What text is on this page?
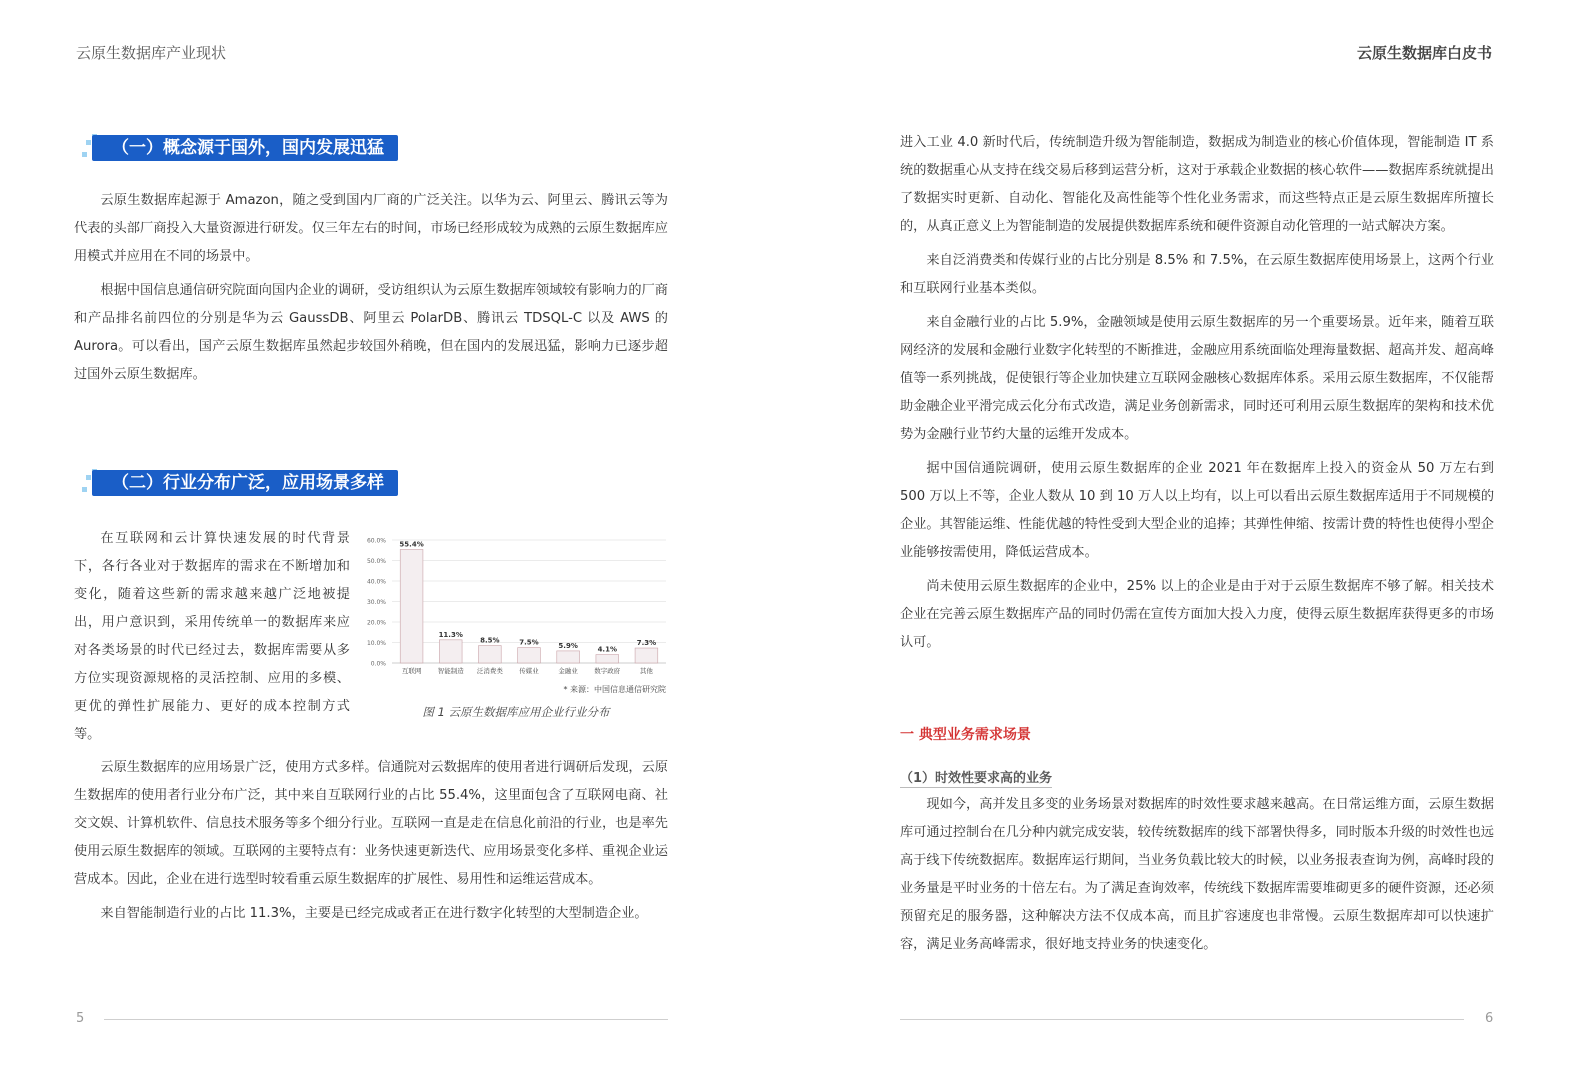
云原生数据库产业现状	云原生数据库白皮书
（一）概念源于国外，国内发展迅猛

云原生数据库起源于 Amazon，随之受到国内厂商的广泛关注。以华为云、阿里云、腾讯云等为代表的头部厂商投入大量资源进行研发。仅三年左右的时间，市场已经形成较为成熟的云原生数据库应用模式并应用在不同的场景中。

根据中国信息通信研究院面向国内企业的调研，受访组织认为云原生数据库领域较有影响力的厂商和产品排名前四位的分别是华为云 GaussDB、阿里云 PolarDB、腾讯云 TDSQL-C 以及 AWS 的 Aurora。可以看出，国产云原生数据库虽然起步较国外稍晚，但在国内的发展迅猛，影响力已逐步超过国外云原生数据库。

（二）行业分布广泛，应用场景多样

在互联网和云计算快速发展的时代背景下，各行各业对于数据库的需求在不断增加和变化，随着这些新的需求越来越广泛地被提出，用户意识到，采用传统单一的数据库来应对各类场景的时代已经过去，数据库需要从多方位实现资源规格的灵活控制、应用的多模、更优的弹性扩展能力、更好的成本控制方式等。

0.0%
10.0%
20.0%
30.0%
40.0%
50.0%
60.0% 55.4%
互联网
11.3%
智能制造
8.5%
泛消费类
7.5%
传媒业
5.9%
金融业
4.1%
数字政府
7.3%
其他
* 来源：中国信息通信研究院
图 1 云原生数据库应用企业行业分布

云原生数据库的应用场景广泛，使用方式多样。信通院对云数据库的使用者进行调研后发现，云原生数据库的使用者行业分布广泛，其中来自互联网行业的占比 55.4%，这里面包含了互联网电商、社交文娱、计算机软件、信息技术服务等多个细分行业。互联网一直是走在信息化前沿的行业，也是率先使用云原生数据库的领域。互联网的主要特点有：业务快速更新迭代、应用场景变化多样、重视企业运营成本。因此，企业在进行选型时较看重云原生数据库的扩展性、易用性和运维运营成本。

来自智能制造行业的占比 11.3%，主要是已经完成或者正在进行数字化转型的大型制造企业。

进入工业 4.0 新时代后，传统制造升级为智能制造，数据成为制造业的核心价值体现，智能制造 IT 系统的数据重心从支持在线交易后移到运营分析，这对于承载企业数据的核心软件——数据库系统就提出了数据实时更新、自动化、智能化及高性能等个性化业务需求，而这些特点正是云原生数据库所擅长的，从真正意义上为智能制造的发展提供数据库系统和硬件资源自动化管理的一站式解决方案。

来自泛消费类和传媒行业的占比分别是 8.5% 和 7.5%，在云原生数据库使用场景上，这两个行业和互联网行业基本类似。

来自金融行业的占比 5.9%，金融领域是使用云原生数据库的另一个重要场景。近年来，随着互联网经济的发展和金融行业数字化转型的不断推进，金融应用系统面临处理海量数据、超高并发、超高峰值等一系列挑战，促使银行等企业加快建立互联网金融核心数据库体系。采用云原生数据库，不仅能帮助金融企业平滑完成云化分布式改造，满足业务创新需求，同时还可利用云原生数据库的架构和技术优势为金融行业节约大量的运维开发成本。

据中国信通院调研，使用云原生数据库的企业 2021 年在数据库上投入的资金从 50 万左右到 500 万以上不等，企业人数从 10 到 10 万人以上均有，以上可以看出云原生数据库适用于不同规模的企业。其智能运维、性能优越的特性受到大型企业的追捧；其弹性伸缩、按需计费的特性也使得小型企业能够按需使用，降低运营成本。

尚未使用云原生数据库的企业中，25% 以上的企业是由于对于云原生数据库不够了解。相关技术企业在完善云原生数据库产品的同时仍需在宣传方面加大投入力度，使得云原生数据库获得更多的市场认可。

一 典型业务需求场景
（1）时效性要求高的业务

现如今，高并发且多变的业务场景对数据库的时效性要求越来越高。在日常运维方面，云原生数据库可通过控制台在几分种内就完成安装，较传统数据库的线下部署快得多，同时版本升级的时效性也远高于线下传统数据库。数据库运行期间，当业务负载比较大的时候，以业务报表查询为例，高峰时段的业务量是平时业务的十倍左右。为了满足查询效率，传统线下数据库需要堆砌更多的硬件资源，还必须预留充足的服务器，这种解决方法不仅成本高，而且扩容速度也非常慢。云原生数据库却可以快速扩容，满足业务高峰需求，很好地支持业务的快速变化。

5	6
